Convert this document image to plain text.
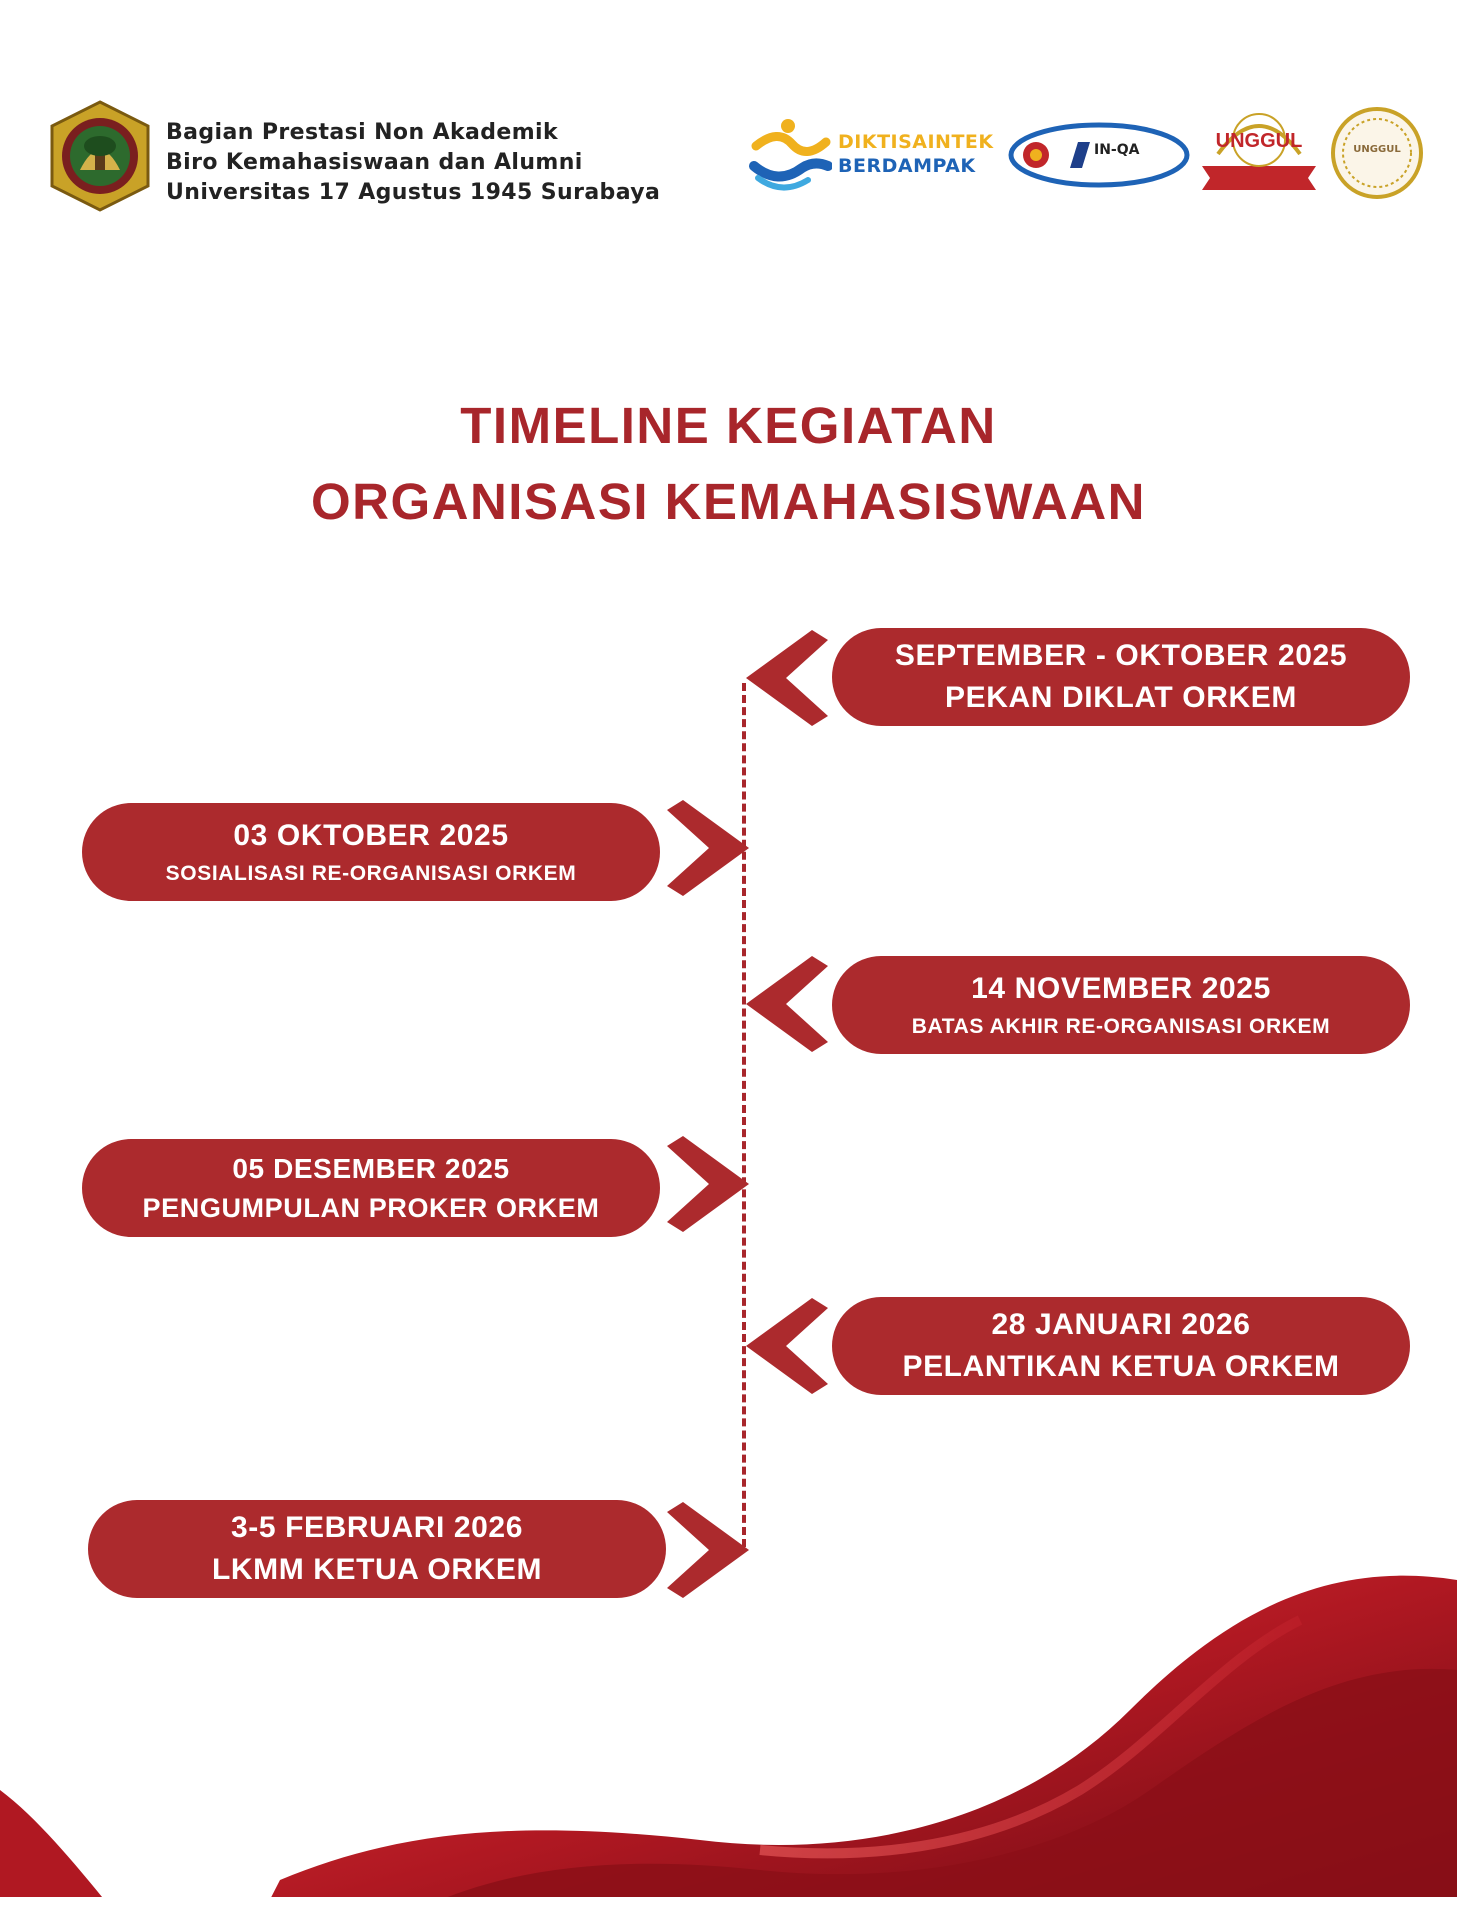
Bagian Prestasi Non Akademik
Biro Kemahasiswaan dan Alumni
Universitas 17 Agustus 1945 Surabaya
DIKTISAINTEK
BERDAMPAK
IN-QA	UNGGUL	UNGGUL
TIMELINE KEGIATAN
ORGANISASI KEMAHASISWAAN
SEPTEMBER - OKTOBER 2025
PEKAN DIKLAT ORKEM
03 OKTOBER 2025
SOSIALISASI RE-ORGANISASI ORKEM
14 NOVEMBER 2025
BATAS AKHIR RE-ORGANISASI ORKEM
05 DESEMBER 2025
PENGUMPULAN PROKER ORKEM
28 JANUARI 2026
PELANTIKAN KETUA ORKEM
3-5 FEBRUARI 2026
LKMM KETUA ORKEM
